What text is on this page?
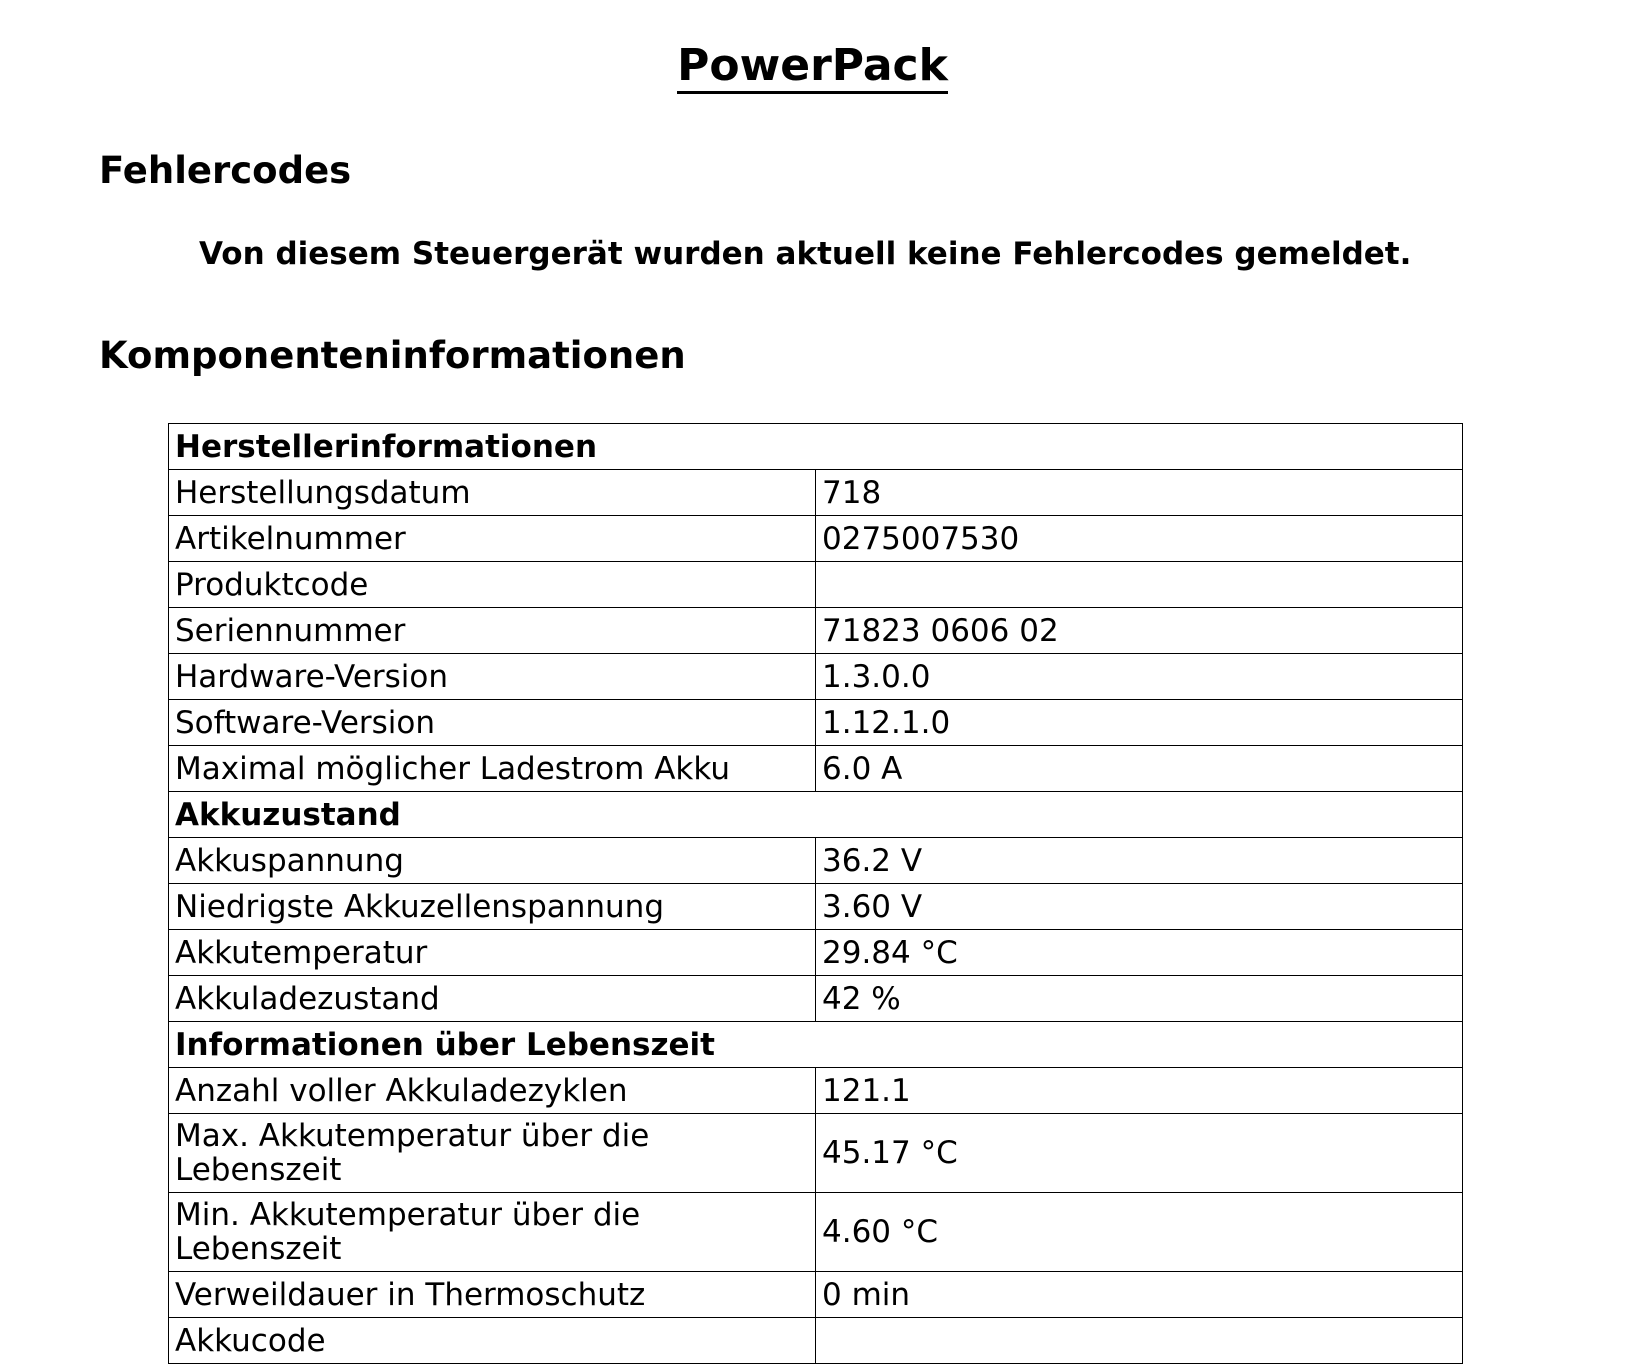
PowerPack
Fehlercodes
Von diesem Steuergerät wurden aktuell keine Fehlercodes gemeldet.
Komponenteninformationen
Herstellerinformationen	
Herstellungsdatum	718
Artikelnummer	0275007530
Produktcode	
Seriennummer	71823 0606 02
Hardware-Version	1.3.0.0
Software-Version	1.12.1.0
Maximal möglicher Ladestrom Akku	6.0 A
Akkuzustand	
Akkuspannung	36.2 V
Niedrigste Akkuzellenspannung	3.60 V
Akkutemperatur	29.84 °C
Akkuladezustand	42 %
Informationen über Lebenszeit	
Anzahl voller Akkuladezyklen	121.1
Max. Akkutemperatur über die Lebenszeit	45.17 °C
Min. Akkutemperatur über die Lebenszeit	4.60 °C
Verweildauer in Thermoschutz	0 min
Akkucode	
